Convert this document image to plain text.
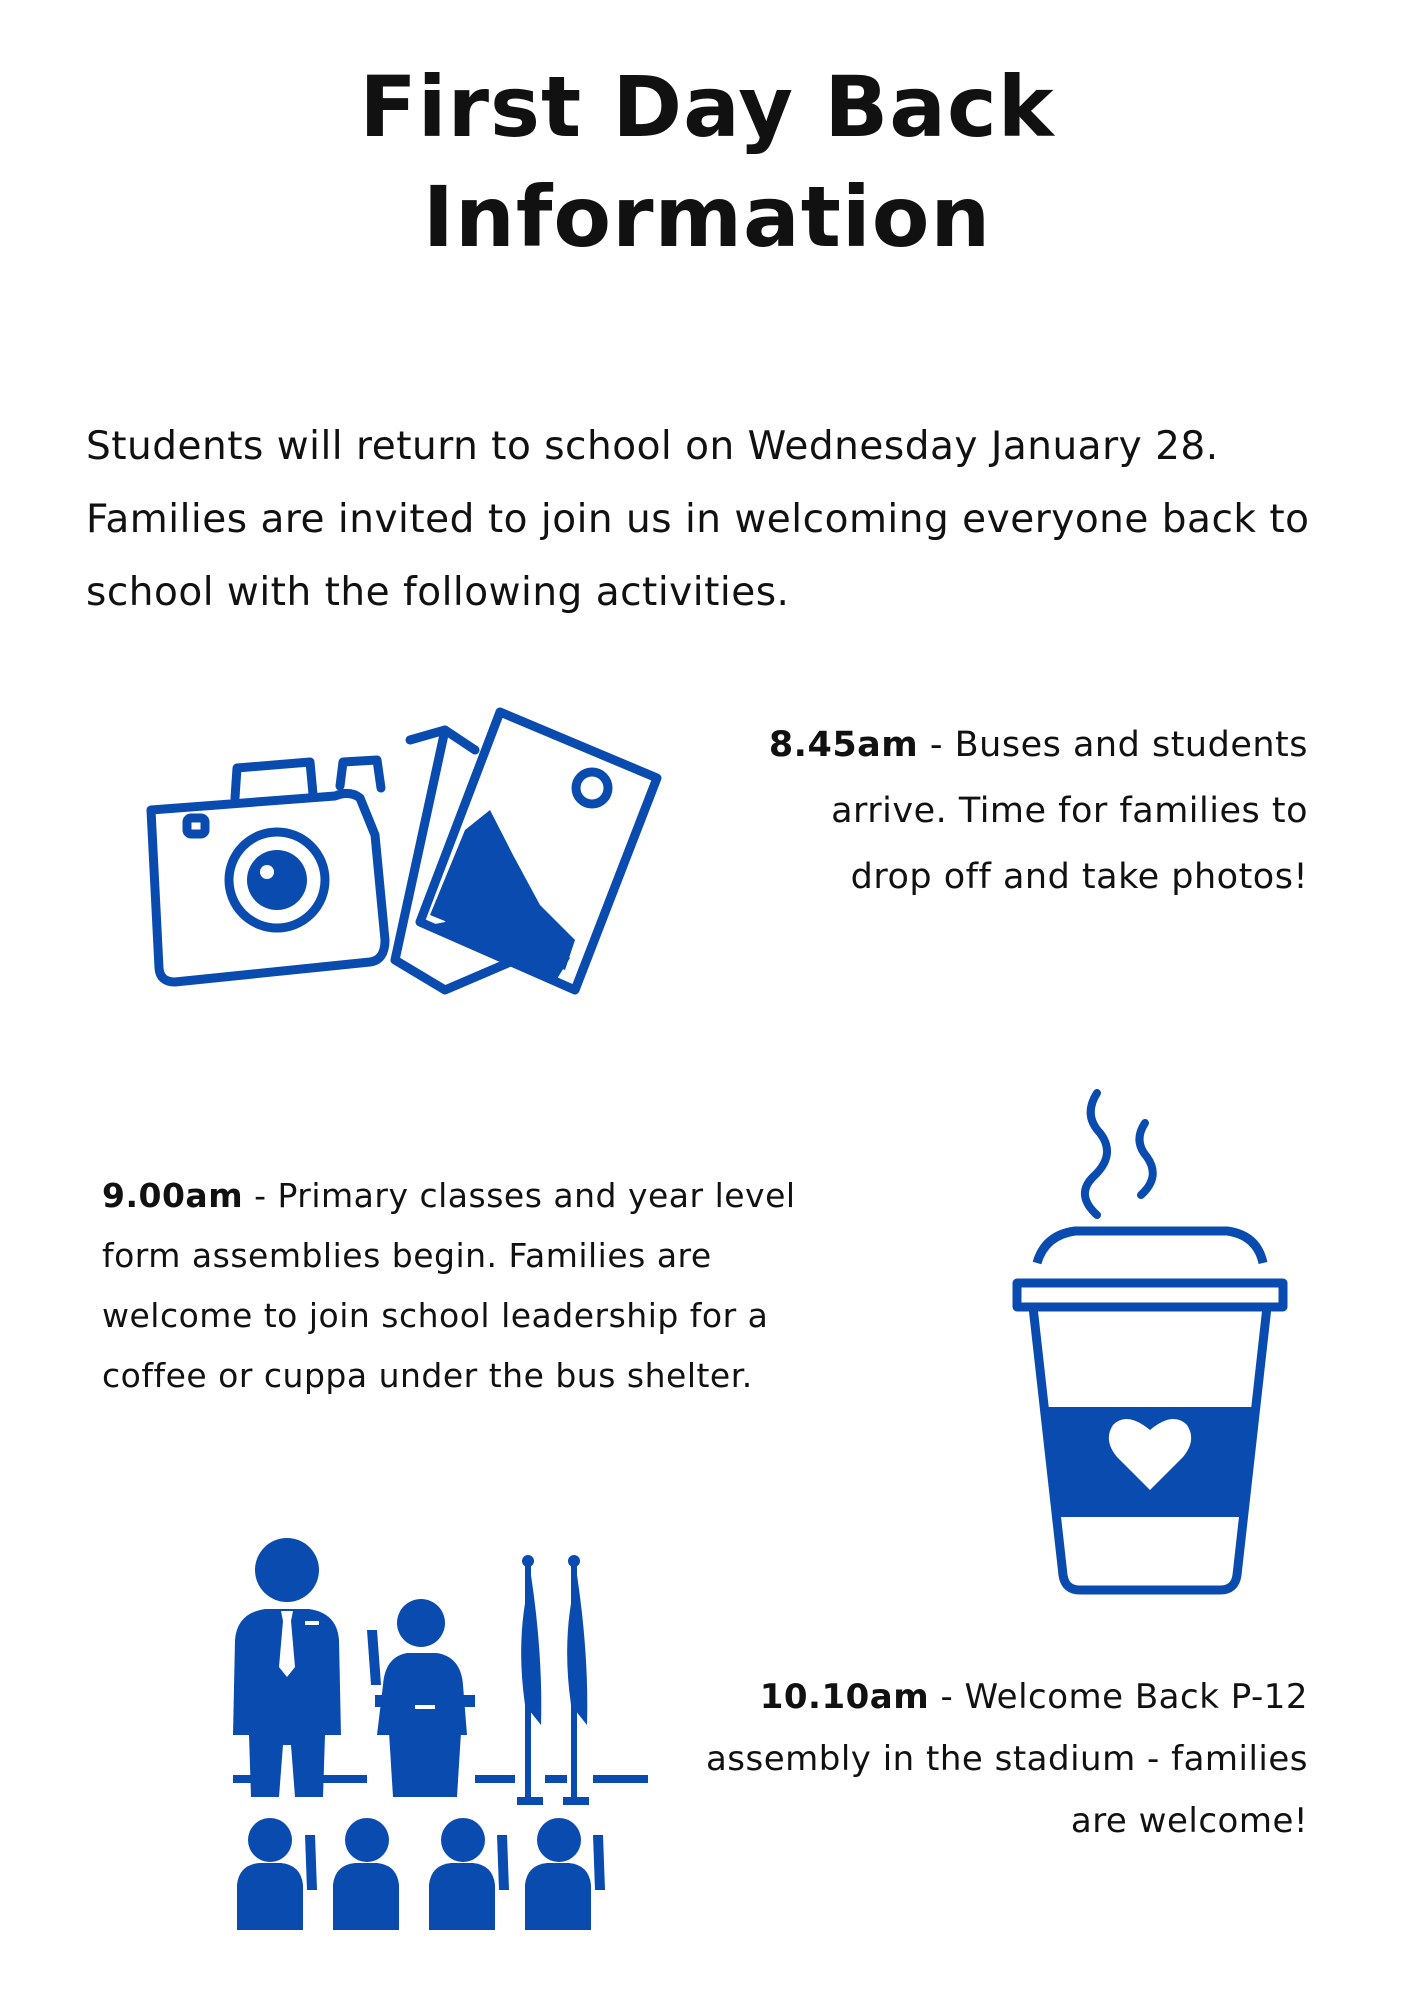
First Day Back
Information
Students will return to school on Wednesday January 28. Families are invited to join us in welcoming everyone back to school with the following activities.
8.45am - Buses and students arrive. Time for families to drop off and take photos!
9.00am - Primary classes and year level form assemblies begin. Families are welcome to join school leadership for a coffee or cuppa under the bus shelter.
10.10am - Welcome Back P-12 assembly in the stadium - families are welcome!
